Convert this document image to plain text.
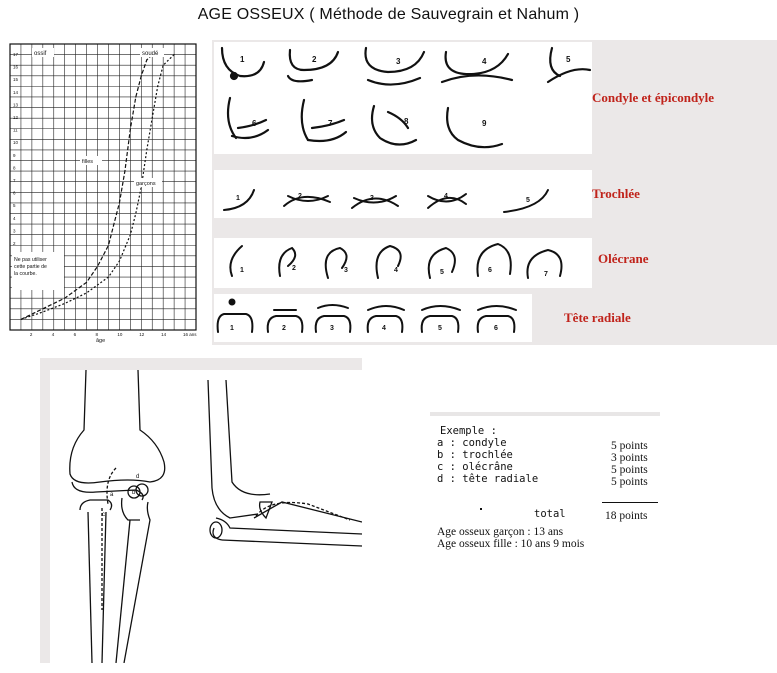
AGE OSSEUX ( Méthode de Sauvegrain et Nahum )
17
16
15
14
13
12
11
10
9
8
7
6
5
4
3
2
2	4	6	8	10	12	14	16 ans
ossif	soudé
filles
garçons
Ne pas utiliser cette partie de la courbe.
âge
1	2	3	4	5
6	7	8	9
1	2	3	4
5
1	2	3	4	5	6
7
1	2	3	4	5	6
Condyle et épicondyle
Trochlée
Olécrane
Tête radiale
a	b
c
d
Exemple :
a : condyle	5 points
b : trochlée	3 points
c : olécrâne	5 points
d : tête radiale	5 points
total	18 points
Age osseux garçon : 13 ans
Age osseux fille : 10 ans 9 mois
